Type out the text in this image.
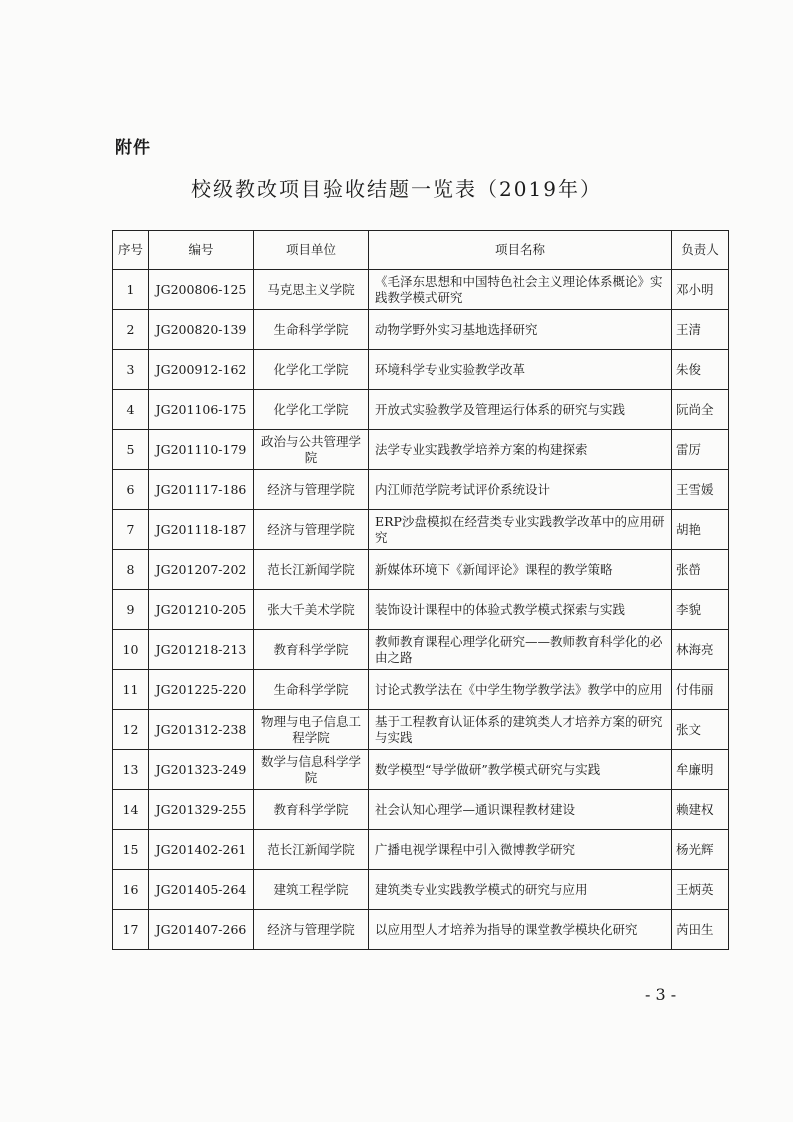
附件
校级教改项目验收结题一览表（2019年）
序号	编号	项目单位	项目名称	负责人
1	JG200806-125	马克思主义学院	《毛泽东思想和中国特色社会主义理论体系概论》实践教学模式研究	邓小明
2	JG200820-139	生命科学学院	动物学野外实习基地选择研究	王清
3	JG200912-162	化学化工学院	环境科学专业实验教学改革	朱俊
4	JG201106-175	化学化工学院	开放式实验教学及管理运行体系的研究与实践	阮尚全
5	JG201110-179	政治与公共管理学院	法学专业实践教学培养方案的构建探索	雷厉
6	JG201117-186	经济与管理学院	内江师范学院考试评价系统设计	王雪媛
7	JG201118-187	经济与管理学院	ERP沙盘模拟在经营类专业实践教学改革中的应用研究	胡艳
8	JG201207-202	范长江新闻学院	新媒体环境下《新闻评论》课程的教学策略	张嵤
9	JG201210-205	张大千美术学院	装饰设计课程中的体验式教学模式探索与实践	李貌
10	JG201218-213	教育科学学院	教师教育课程心理学化研究——教师教育科学化的必由之路	林海亮
11	JG201225-220	生命科学学院	讨论式教学法在《中学生物学教学法》教学中的应用	付伟丽
12	JG201312-238	物理与电子信息工程学院	基于工程教育认证体系的建筑类人才培养方案的研究与实践	张文
13	JG201323-249	数学与信息科学学院	数学模型“导学做研”教学模式研究与实践	牟廉明
14	JG201329-255	教育科学学院	社会认知心理学—通识课程教材建设	赖建权
15	JG201402-261	范长江新闻学院	广播电视学课程中引入微博教学研究	杨光辉
16	JG201405-264	建筑工程学院	建筑类专业实践教学模式的研究与应用	王炳英
17	JG201407-266	经济与管理学院	以应用型人才培养为指导的课堂教学模块化研究	芮田生
- 3 -
